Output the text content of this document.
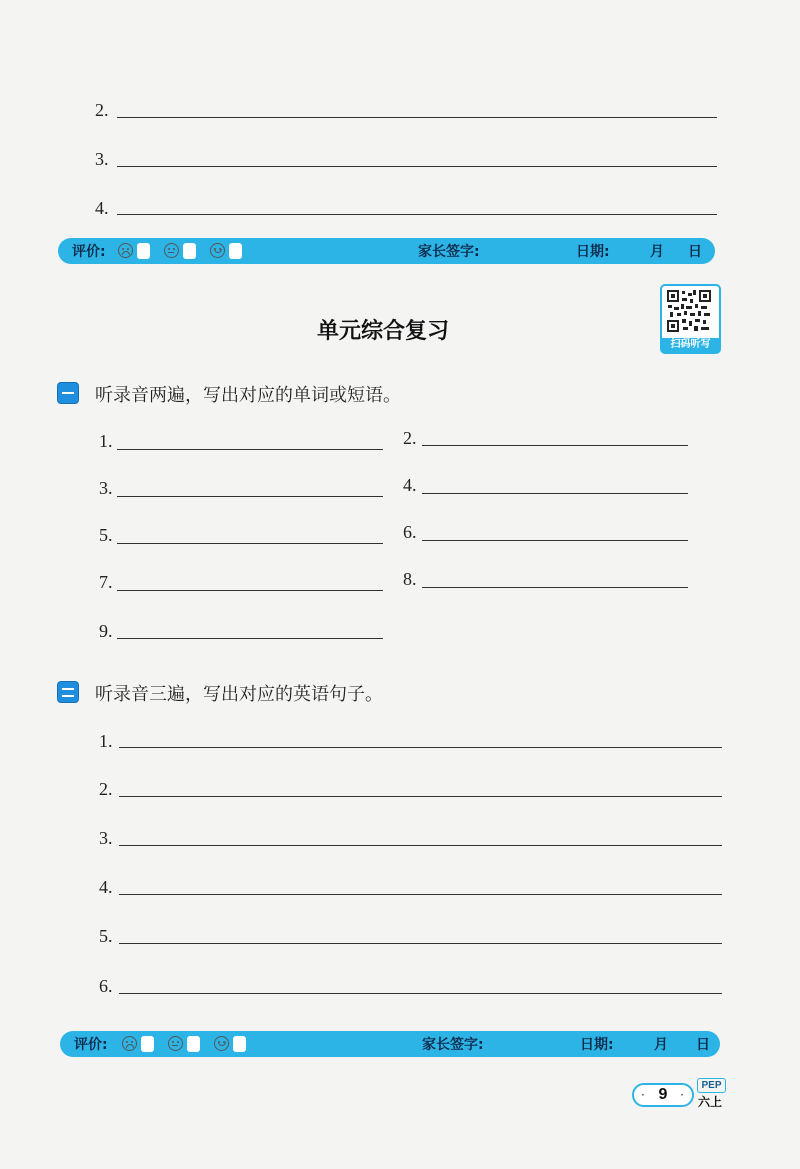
2.
3.
4.
评价:	家长签字:	日期:	月 日
单元综合复习
扫码听写
听录音两遍，写出对应的单词或短语。
1.	2.
3.	4.
5.	6.
7.	8.
9.
听录音三遍，写出对应的英语句子。
1.
2.
3.
4.
5.
6.
评价:	家长签字:	日期:	月 日
· 9	·
PEP
六上
